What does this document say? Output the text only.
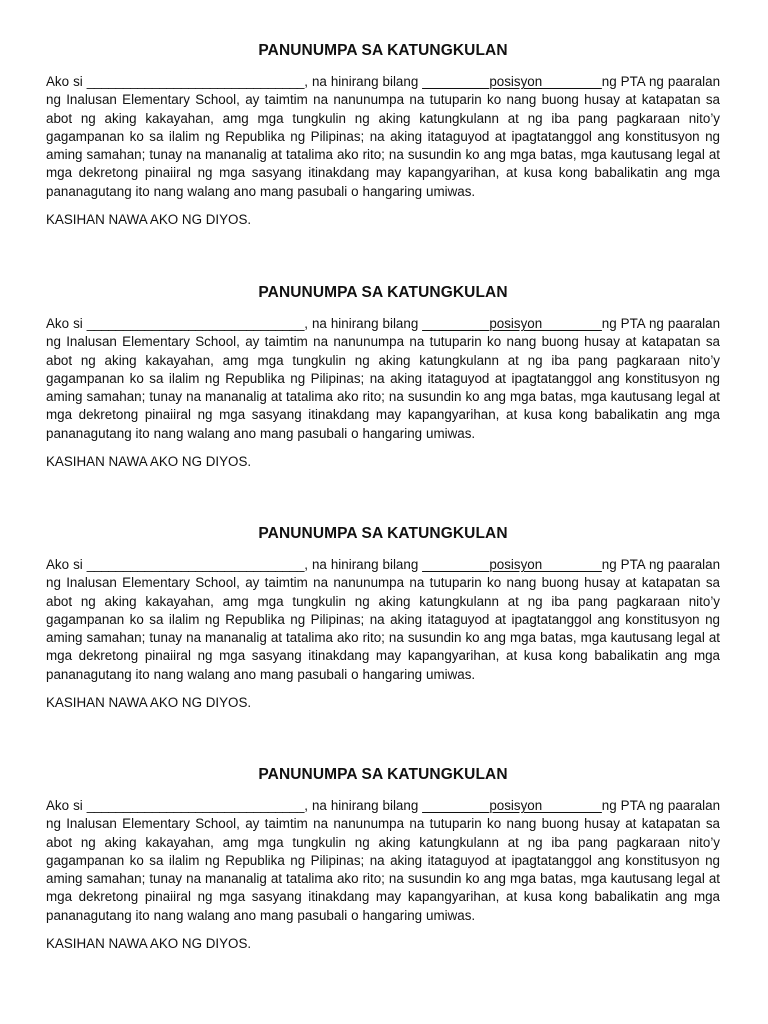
PANUNUMPA SA KATUNGKULAN

Ako si ______________________________, na hinirang bilang _________posisyon________ng PTA ng paaralan ng Inalusan Elementary School, ay taimtim na nanunumpa na tutuparin ko nang buong husay at katapatan sa abot ng aking kakayahan, amg mga tungkulin ng aking katungkulann at ng iba pang pagkaraan nito’y gagampanan ko sa ilalim ng Republika ng Pilipinas; na aking itataguyod at ipagtatanggol ang konstitusyon ng aming samahan; tunay na mananalig at tatalima ako rito; na susundin ko ang mga batas, mga kautusang legal at mga dekretong pinaiiral ng mga sasyang itinakdang may kapangyarihan, at kusa kong babalikatin ang mga pananagutang ito nang walang ano mang pasubali o hangaring umiwas.

KASIHAN NAWA AKO NG DIYOS.

PANUNUMPA SA KATUNGKULAN

Ako si ______________________________, na hinirang bilang _________posisyon________ng PTA ng paaralan ng Inalusan Elementary School, ay taimtim na nanunumpa na tutuparin ko nang buong husay at katapatan sa abot ng aking kakayahan, amg mga tungkulin ng aking katungkulann at ng iba pang pagkaraan nito’y gagampanan ko sa ilalim ng Republika ng Pilipinas; na aking itataguyod at ipagtatanggol ang konstitusyon ng aming samahan; tunay na mananalig at tatalima ako rito; na susundin ko ang mga batas, mga kautusang legal at mga dekretong pinaiiral ng mga sasyang itinakdang may kapangyarihan, at kusa kong babalikatin ang mga pananagutang ito nang walang ano mang pasubali o hangaring umiwas.

KASIHAN NAWA AKO NG DIYOS.

PANUNUMPA SA KATUNGKULAN

Ako si ______________________________, na hinirang bilang _________posisyon________ng PTA ng paaralan ng Inalusan Elementary School, ay taimtim na nanunumpa na tutuparin ko nang buong husay at katapatan sa abot ng aking kakayahan, amg mga tungkulin ng aking katungkulann at ng iba pang pagkaraan nito’y gagampanan ko sa ilalim ng Republika ng Pilipinas; na aking itataguyod at ipagtatanggol ang konstitusyon ng aming samahan; tunay na mananalig at tatalima ako rito; na susundin ko ang mga batas, mga kautusang legal at mga dekretong pinaiiral ng mga sasyang itinakdang may kapangyarihan, at kusa kong babalikatin ang mga pananagutang ito nang walang ano mang pasubali o hangaring umiwas.

KASIHAN NAWA AKO NG DIYOS.

PANUNUMPA SA KATUNGKULAN

Ako si ______________________________, na hinirang bilang _________posisyon________ng PTA ng paaralan ng Inalusan Elementary School, ay taimtim na nanunumpa na tutuparin ko nang buong husay at katapatan sa abot ng aking kakayahan, amg mga tungkulin ng aking katungkulann at ng iba pang pagkaraan nito’y gagampanan ko sa ilalim ng Republika ng Pilipinas; na aking itataguyod at ipagtatanggol ang konstitusyon ng aming samahan; tunay na mananalig at tatalima ako rito; na susundin ko ang mga batas, mga kautusang legal at mga dekretong pinaiiral ng mga sasyang itinakdang may kapangyarihan, at kusa kong babalikatin ang mga pananagutang ito nang walang ano mang pasubali o hangaring umiwas.

KASIHAN NAWA AKO NG DIYOS.
